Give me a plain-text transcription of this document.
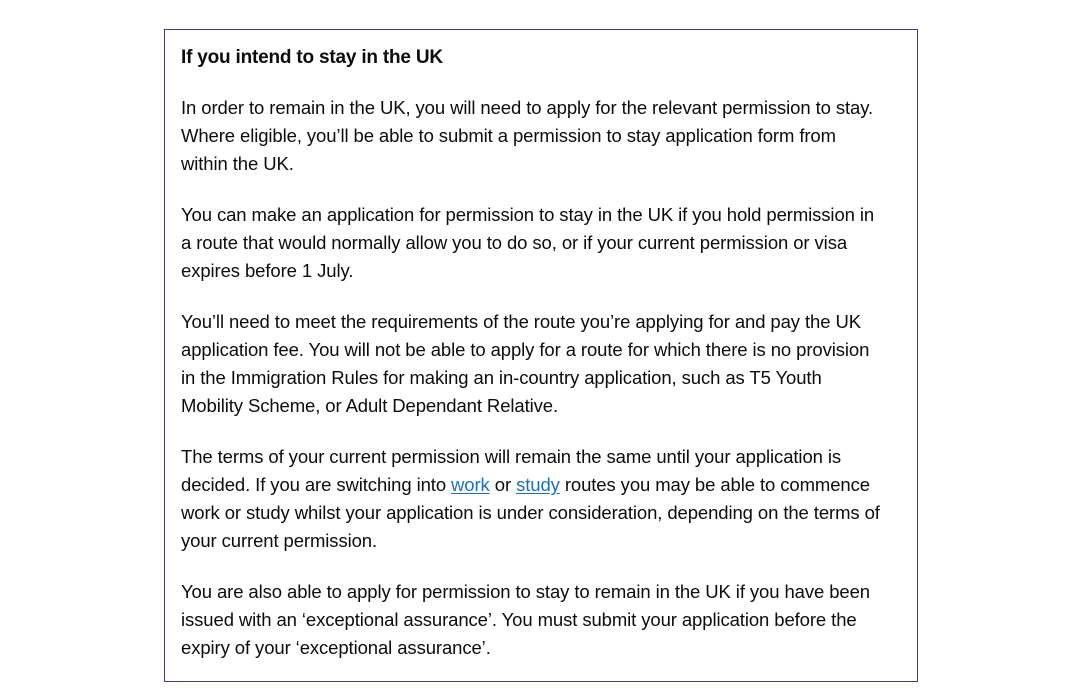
If you intend to stay in the UK

In order to remain in the UK, you will need to apply for the relevant permission to stay. Where eligible, you’ll be able to submit a permission to stay application form from within the UK.

You can make an application for permission to stay in the UK if you hold permission in a route that would normally allow you to do so, or if your current permission or visa expires before 1 July.

You’ll need to meet the requirements of the route you’re applying for and pay the UK application fee. You will not be able to apply for a route for which there is no provision in the Immigration Rules for making an in-country application, such as T5 Youth Mobility Scheme, or Adult Dependant Relative.

The terms of your current permission will remain the same until your application is decided. If you are switching into work or study routes you may be able to commence work or study whilst your application is under consideration, depending on the terms of your current permission.

You are also able to apply for permission to stay to remain in the UK if you have been issued with an ‘exceptional assurance’. You must submit your application before the expiry of your ‘exceptional assurance’.
